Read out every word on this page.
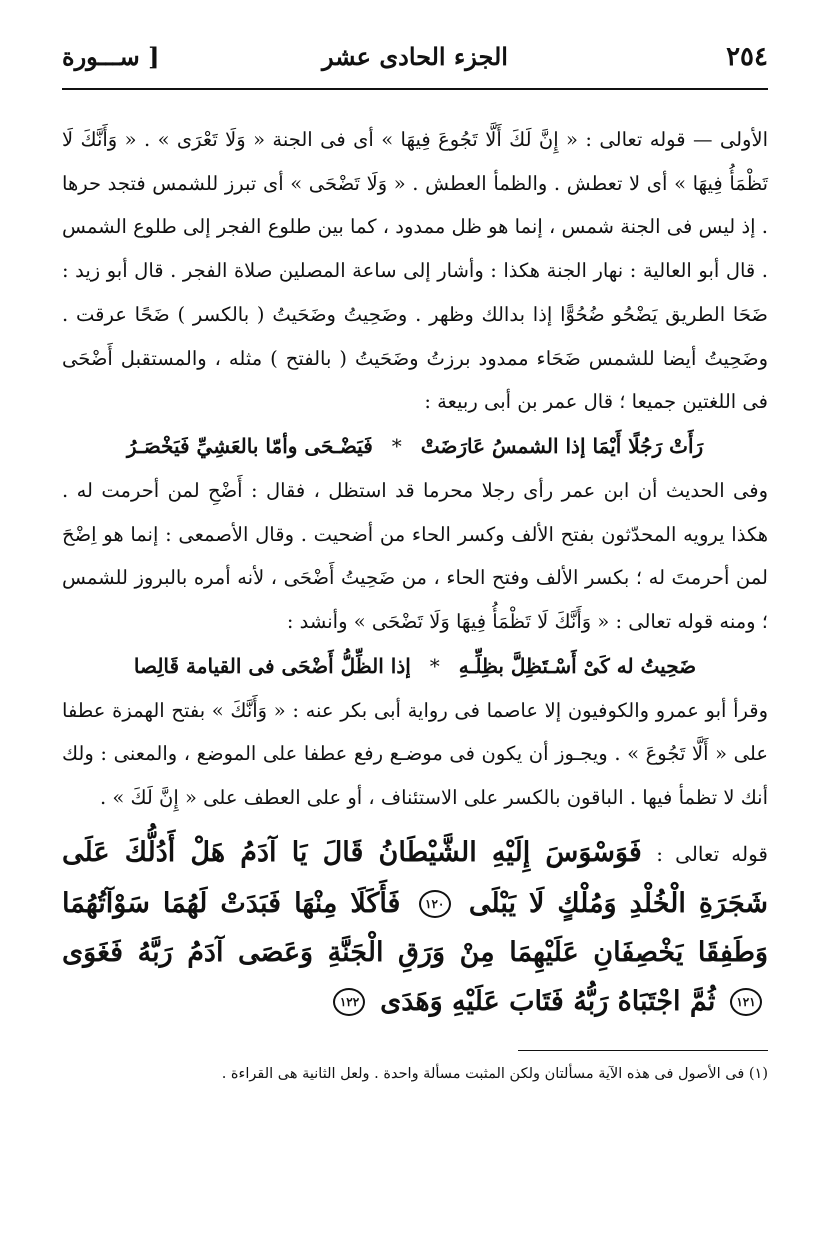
٢٥٤
الجزء الحادى عشر
[ ســـورة

الأولى — قوله تعالى : « إِنَّ لَكَ أَلَّا تَجُوعَ فِيهَا » أى فى الجنة « وَلَا تَعْرَى » . « وَأَنَّكَ لَا تَظْمَأُ فِيهَا » أى لا تعطش . والظمأ العطش . « وَلَا تَضْحَى » أى تبرز للشمس فتجد حرها . إذ ليس فى الجنة شمس ، إنما هو ظل ممدود ، كما بين طلوع الفجر إلى طلوع الشمس . قال أبو العالية : نهار الجنة هكذا : وأشار إلى ساعة المصلين صلاة الفجر . قال أبو زيد : ضَحَا الطريق يَضْحُو ضُحُوًّا إذا بدالك وظهر . وضَحِيتُ وضَحَيتُ ( بالكسر ) ضَحًا عرقت . وضَحِيتُ أيضا للشمس ضَحَاء ممدود برزتُ وضَحَيتُ ( بالفتح ) مثله ، والمستقبل أَضْحَى فى اللغتين جميعا ؛ قال عمر بن أبى ربيعة :

رَأَتْ رَجُلًا أَيْمَا إذا الشمسُ عَارَضَتْ * فَيَضْـحَى وأمّا بالعَشِيِّ فَيَخْصَـرُ

وفى الحديث أن ابن عمر رأى رجلا محرما قد استظل ، فقال : أَضْحِ لمن أحرمت له . هكذا يرويه المحدّثون بفتح الألف وكسر الحاء من أضحيت . وقال الأصمعى : إنما هو اِضْحَ لمن أحرمتَ له ؛ بكسر الألف وفتح الحاء ، من ضَحِيتُ أَضْحَى ، لأنه أمره بالبروز للشمس ؛ ومنه قوله تعالى : « وَأَنَّكَ لَا تَظْمَأُ فِيهَا وَلَا تَضْحَى » وأنشد :

ضَحِيتُ له كَىْ أَسْـتَظِلَّ بظِلِّـهِ * إذا الظِّلُّ أَضْحَى فى القيامة قَالِصا

وقرأ أبو عمرو والكوفيون إلا عاصما فى رواية أبى بكر عنه : « وَأَنَّكَ » بفتح الهمزة عطفا على « أَلَّا تَجُوعَ » . ويجـوز أن يكون فى موضـع رفع عطفا على الموضع ، والمعنى : ولك أنك لا تظمأ فيها . الباقون بالكسر على الاستئناف ، أو على العطف على « إِنَّ لَكَ » .

قوله تعالى : فَوَسْوَسَ إِلَيْهِ الشَّيْطَانُ قَالَ يَا آدَمُ هَلْ أَدُلُّكَ عَلَى شَجَرَةِ الْخُلْدِ وَمُلْكٍ لَا يَبْلَى ١٢٠ فَأَكَلَا مِنْهَا فَبَدَتْ لَهُمَا سَوْآتُهُمَا وَطَفِقَا يَخْصِفَانِ عَلَيْهِمَا مِنْ وَرَقِ الْجَنَّةِ وَعَصَى آدَمُ رَبَّهُ فَغَوَى ١٢١ ثُمَّ اجْتَبَاهُ رَبُّهُ فَتَابَ عَلَيْهِ وَهَدَى ١٢٢
(١) فى الأصول فى هذه الآية مسألتان ولكن المثبت مسألة واحدة . ولعل الثانية هى القراءة .
